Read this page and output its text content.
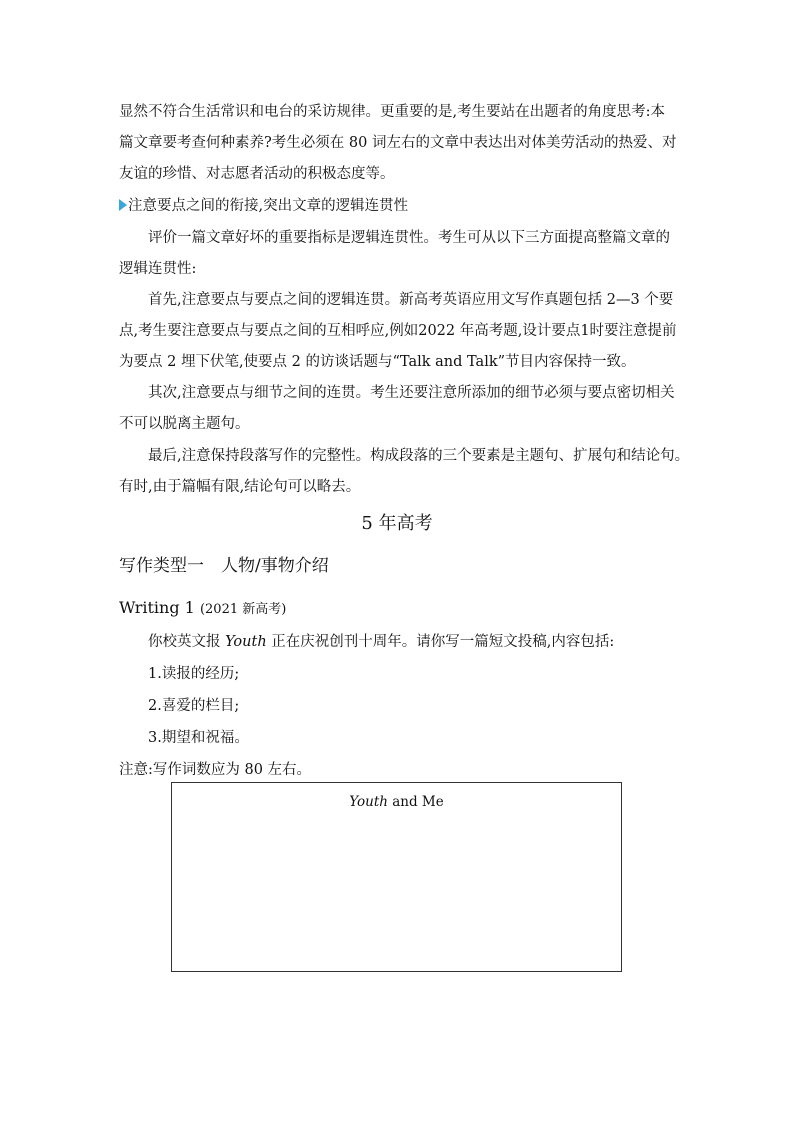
显然不符合生活常识和电台的采访规律。更重要的是,考生要站在出题者的角度思考:本
篇文章要考查何种素养?考生必须在 80 词左右的文章中表达出对体美劳活动的热爱、对
友谊的珍惜、对志愿者活动的积极态度等。
注意要点之间的衔接,突出文章的逻辑连贯性
评价一篇文章好坏的重要指标是逻辑连贯性。考生可从以下三方面提高整篇文章的
逻辑连贯性:
首先,注意要点与要点之间的逻辑连贯。新高考英语应用文写作真题包括 2—3 个要
点,考生要注意要点与要点之间的互相呼应,例如2022 年高考题,设计要点1时要注意提前
为要点 2 埋下伏笔,使要点 2 的访谈话题与“Talk and Talk”节目内容保持一致。
其次,注意要点与细节之间的连贯。考生还要注意所添加的细节必须与要点密切相关
不可以脱离主题句。
最后,注意保持段落写作的完整性。构成段落的三个要素是主题句、扩展句和结论句。
有时,由于篇幅有限,结论句可以略去。
5 年高考
写作类型一　人物/事物介绍
Writing 1 (2021 新高考)
你校英文报 Youth 正在庆祝创刊十周年。请你写一篇短文投稿,内容包括:
1.读报的经历;
2.喜爱的栏目;
3.期望和祝福。
注意:写作词数应为 80 左右。
Youth and Me
